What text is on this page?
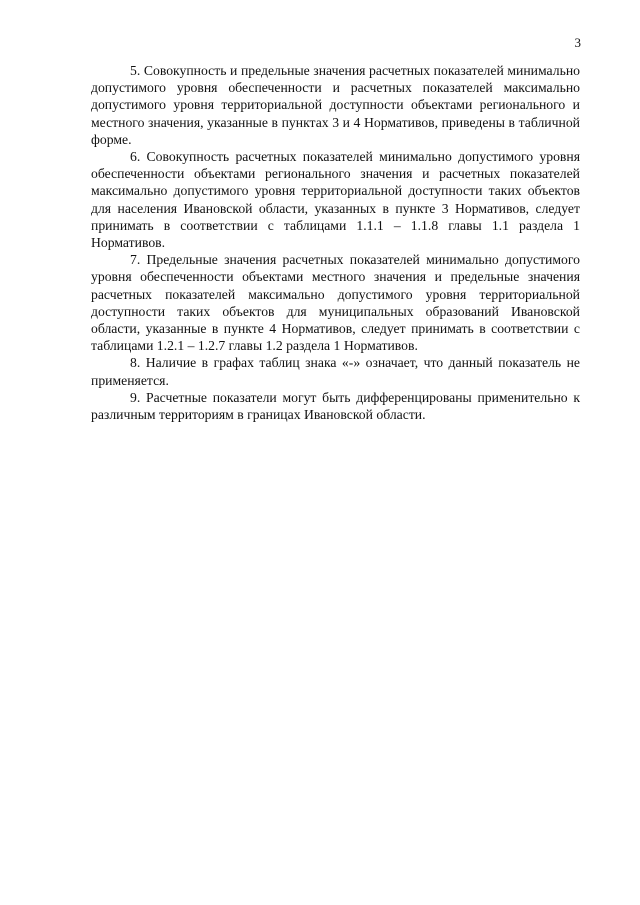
3

5. Совокупность и предельные значения расчетных показателей минимально допустимого уровня обеспеченности и расчетных показателей максимально допустимого уровня территориальной доступности объектами регионального и местного значения, указанные в пунктах 3 и 4 Нормативов, приведены в табличной форме.

6. Совокупность расчетных показателей минимально допустимого уровня обеспеченности объектами регионального значения и расчетных показателей максимально допустимого уровня территориальной доступности таких объектов для населения Ивановской области, указанных в пункте 3 Нормативов, следует принимать в соответствии с таблицами 1.1.1 – 1.1.8 главы 1.1 раздела 1 Нормативов.

7. Предельные значения расчетных показателей минимально допустимого уровня обеспеченности объектами местного значения и предельные значения расчетных показателей максимально допустимого уровня территориальной доступности таких объектов для муниципальных образований Ивановской области, указанные в пункте 4 Нормативов, следует принимать в соответствии с таблицами 1.2.1 – 1.2.7 главы 1.2 раздела 1 Нормативов.

8. Наличие в графах таблиц знака «-» означает, что данный показатель не применяется.

9. Расчетные показатели могут быть дифференцированы применительно к различным территориям в границах Ивановской области.
